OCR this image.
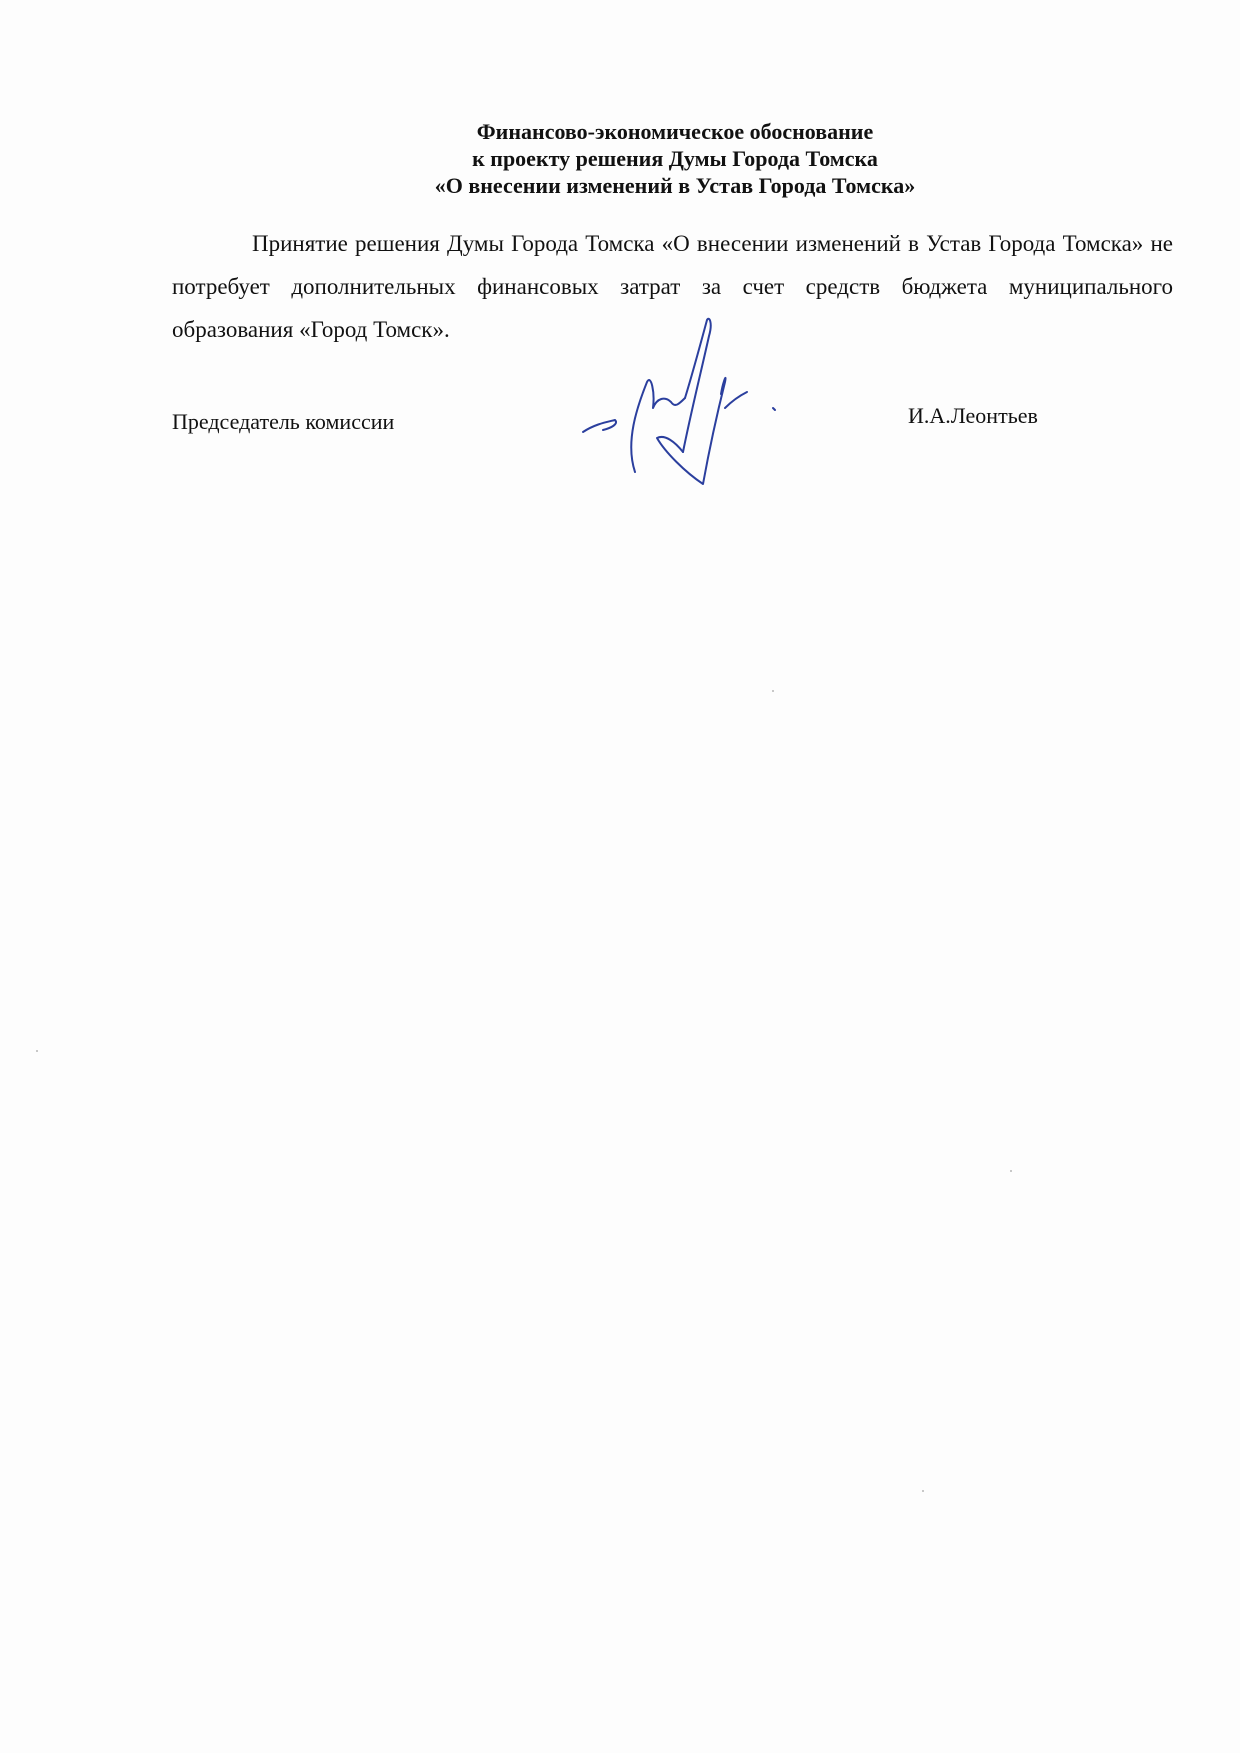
Финансово-экономическое обоснование
к проекту решения Думы Города Томска
«О внесении изменений в Устав Города Томска»

Принятие решения Думы Города Томска «О внесении изменений в Устав Города Томска» не потребует дополнительных финансовых затрат за счет средств бюджета муниципального образования «Город Томск».

Председатель комиссии	И.А.Леонтьев
